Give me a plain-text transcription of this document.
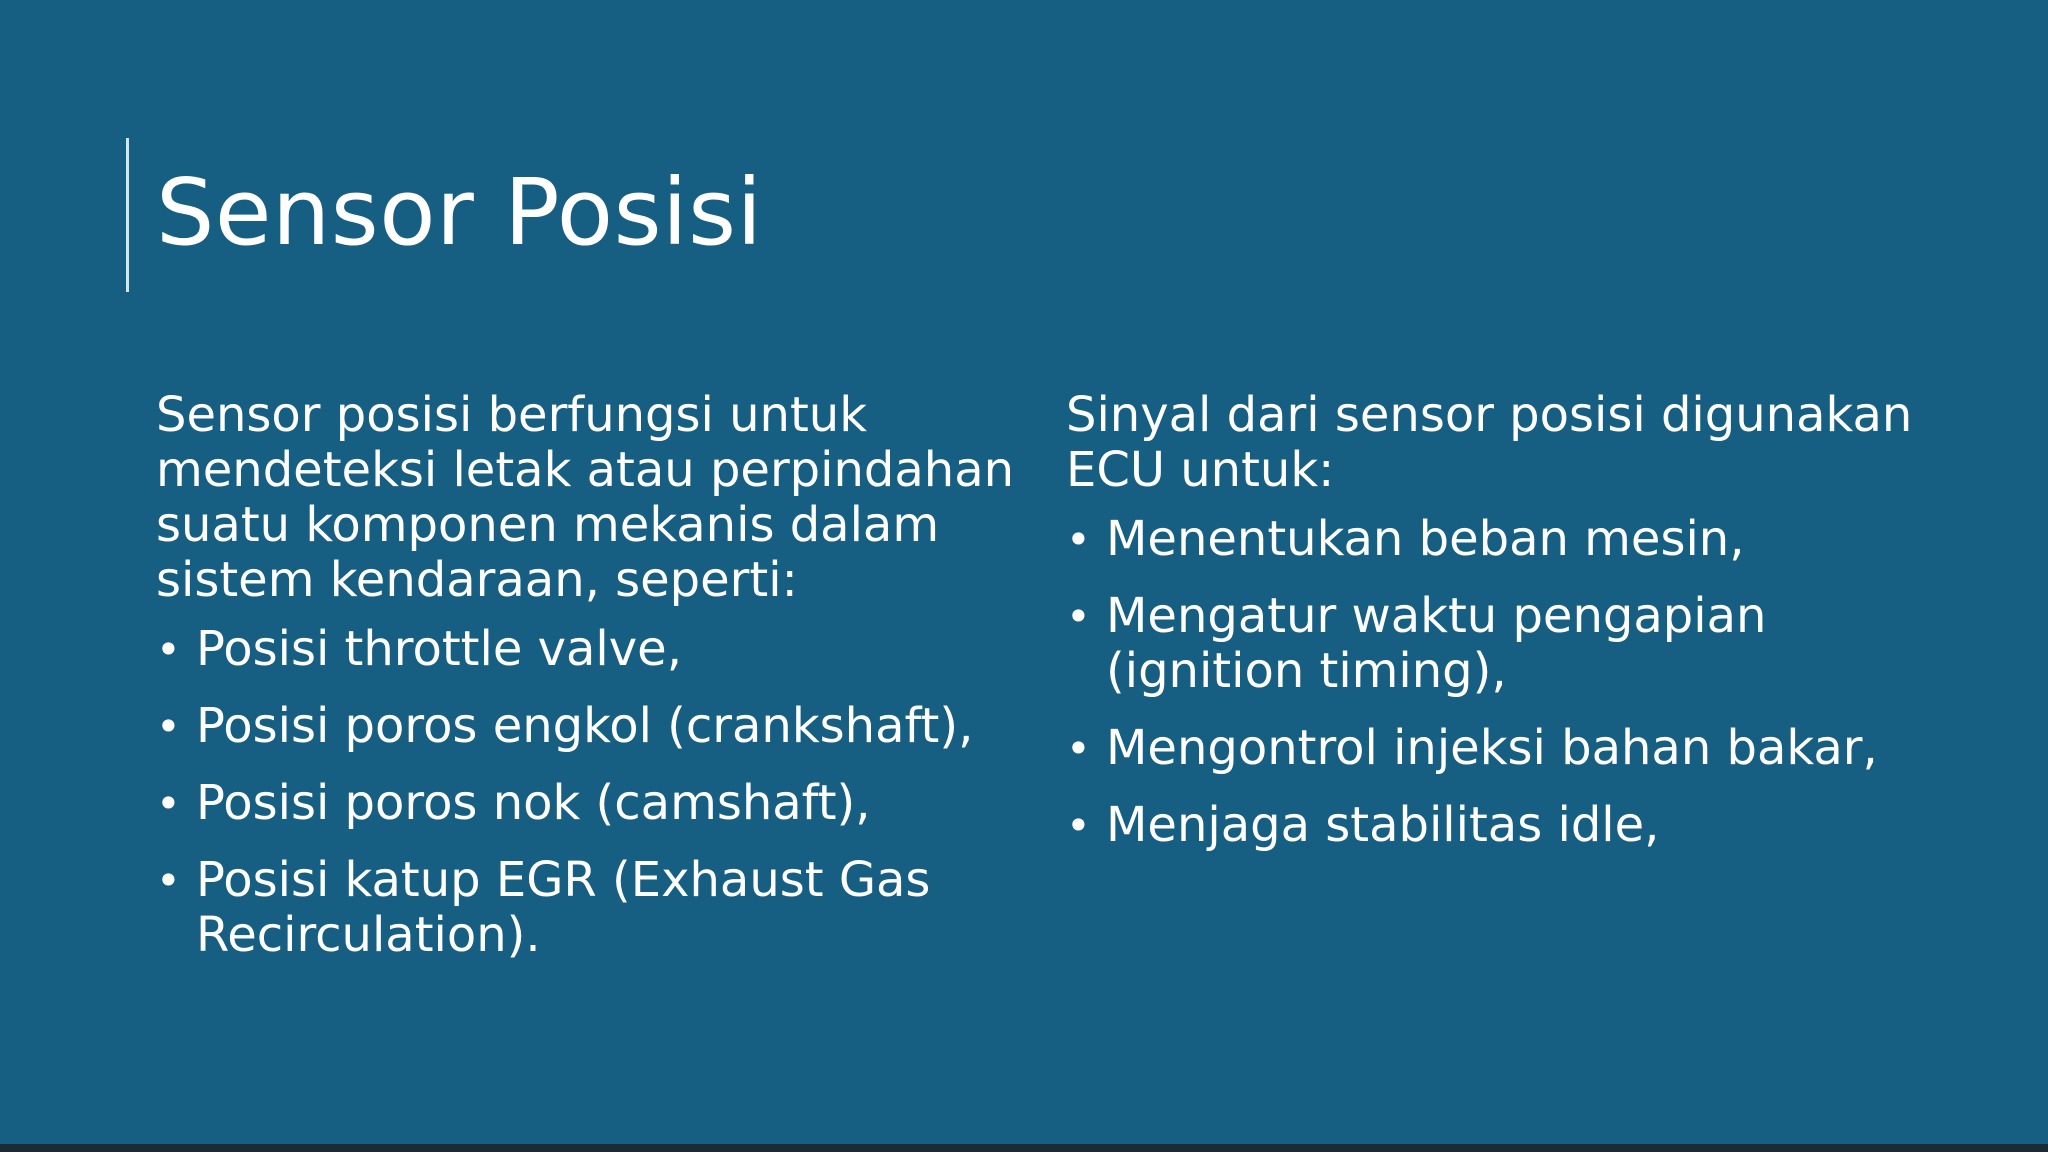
Sensor Posisi

Sensor posisi berfungsi untuk mendeteksi letak atau perpindahan suatu komponen mekanis dalam sistem kendaraan, seperti:

• Posisi throttle valve,
• Posisi poros engkol (crankshaft),
• Posisi poros nok (camshaft),
• Posisi katup EGR (Exhaust Gas Recirculation).

Sinyal dari sensor posisi digunakan ECU untuk:

• Menentukan beban mesin,
• Mengatur waktu pengapian (ignition timing),
• Mengontrol injeksi bahan bakar,
• Menjaga stabilitas idle,
